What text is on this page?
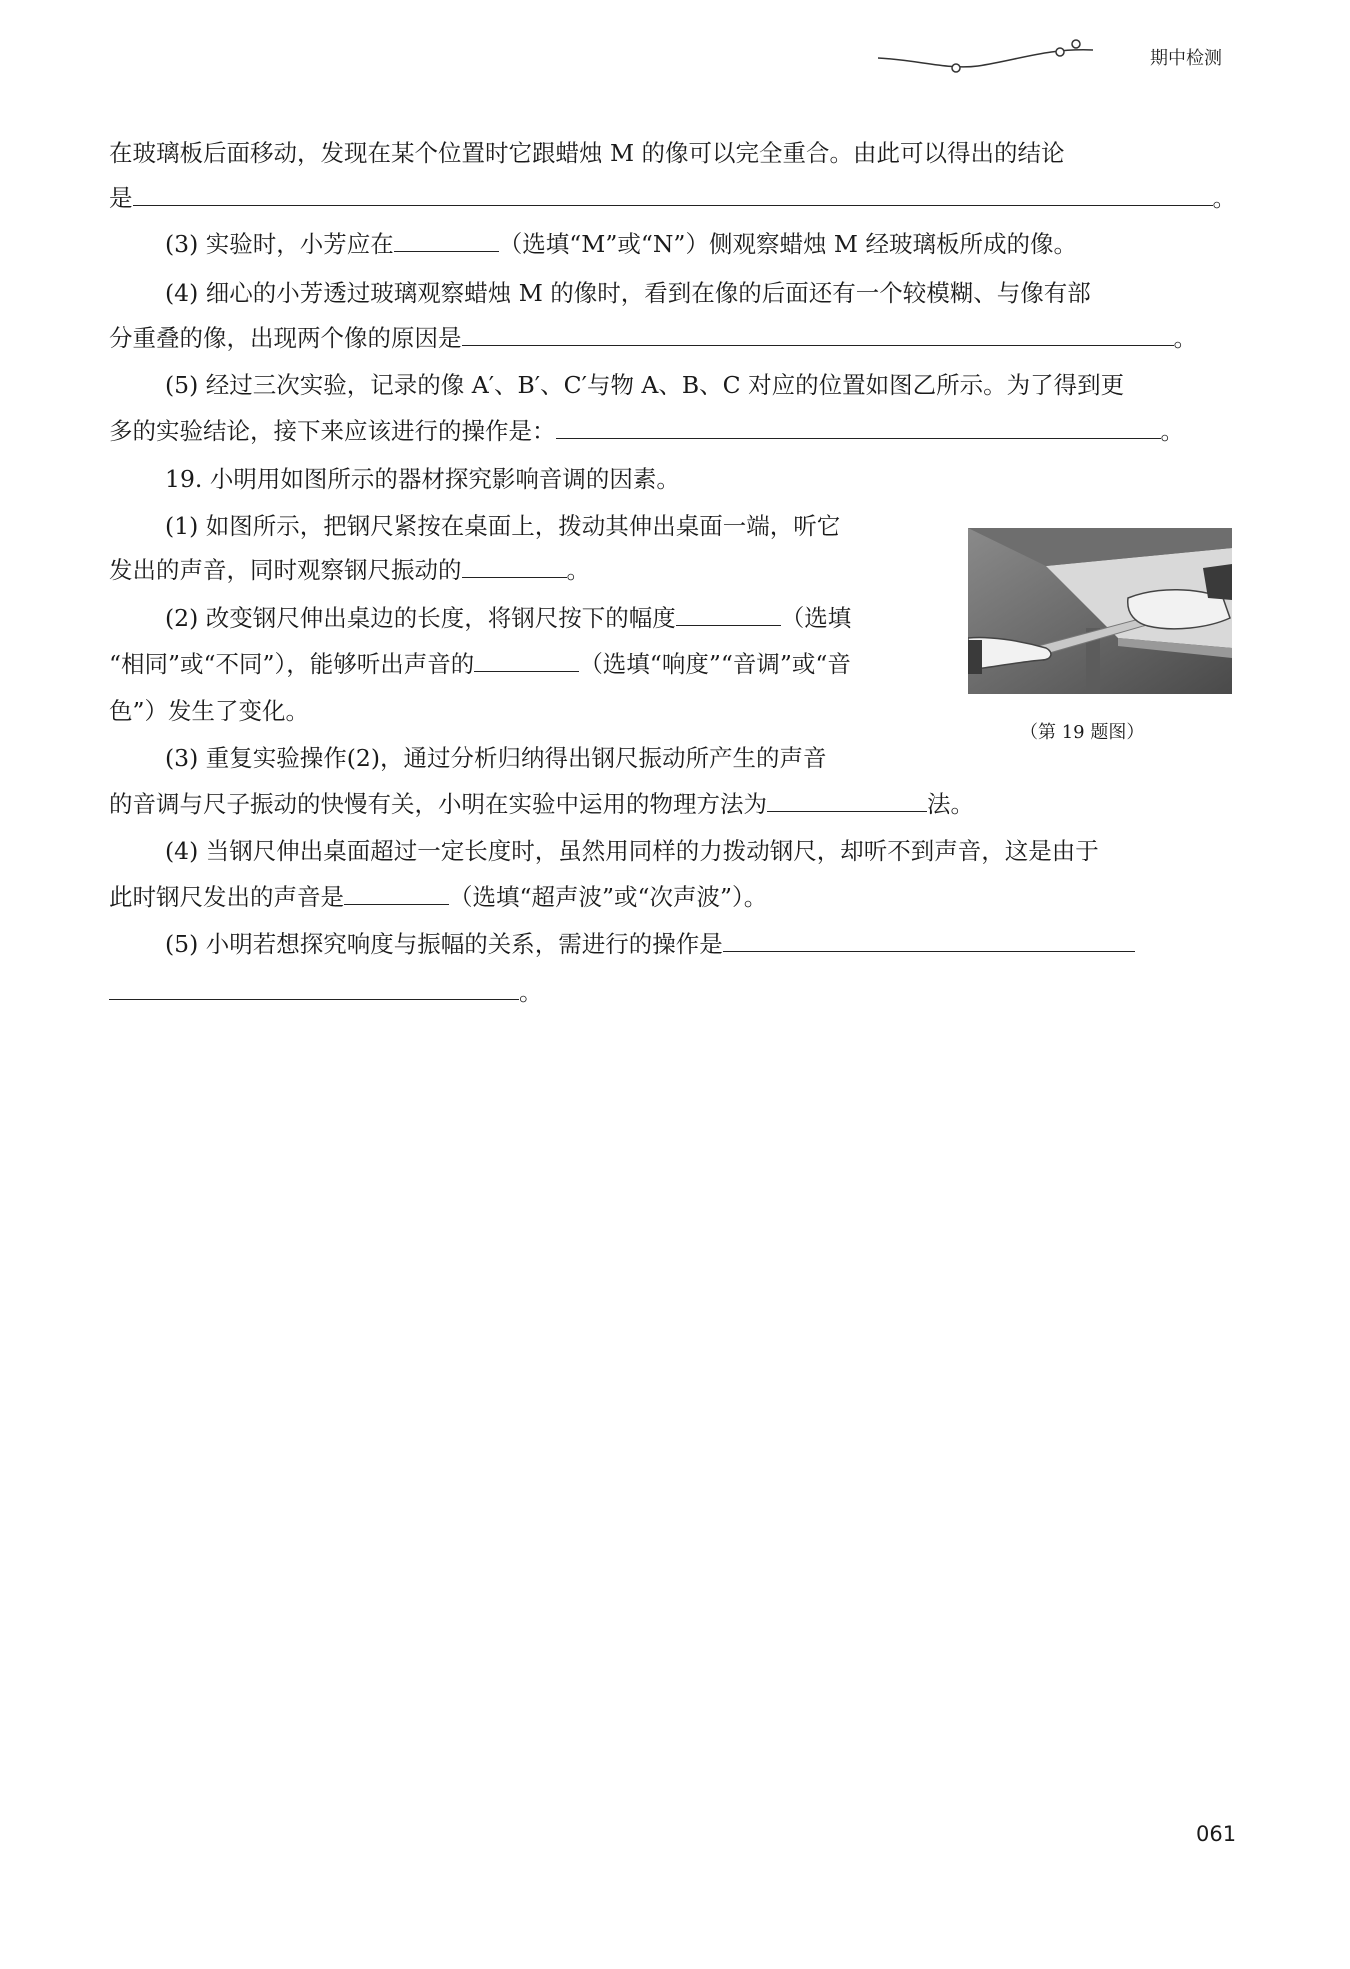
期中检测
在玻璃板后面移动，发现在某个位置时它跟蜡烛 M 的像可以完全重合。由此可以得出的结论
是	。
(3) 实验时，小芳应在	（选填“M”或“N”）侧观察蜡烛 M 经玻璃板所成的像。
(4) 细心的小芳透过玻璃观察蜡烛 M 的像时，看到在像的后面还有一个较模糊、与像有部
分重叠的像，出现两个像的原因是	。
(5) 经过三次实验，记录的像 A′、B′、C′与物 A、B、C 对应的位置如图乙所示。为了得到更
多的实验结论，接下来应该进行的操作是：	。
19. 小明用如图所示的器材探究影响音调的因素。
(1) 如图所示，把钢尺紧按在桌面上，拨动其伸出桌面一端，听它
发出的声音，同时观察钢尺振动的	。
(2) 改变钢尺伸出桌边的长度，将钢尺按下的幅度	（选填
“相同”或“不同”），能够听出声音的	（选填“响度”“音调”或“音
色”）发生了变化。
(3) 重复实验操作(2)，通过分析归纳得出钢尺振动所产生的声音
的音调与尺子振动的快慢有关，小明在实验中运用的物理方法为	法。
(4) 当钢尺伸出桌面超过一定长度时，虽然用同样的力拨动钢尺，却听不到声音，这是由于
此时钢尺发出的声音是	（选填“超声波”或“次声波”）。
(5) 小明若想探究响度与振幅的关系，需进行的操作是
。
（第 19 题图）
061
